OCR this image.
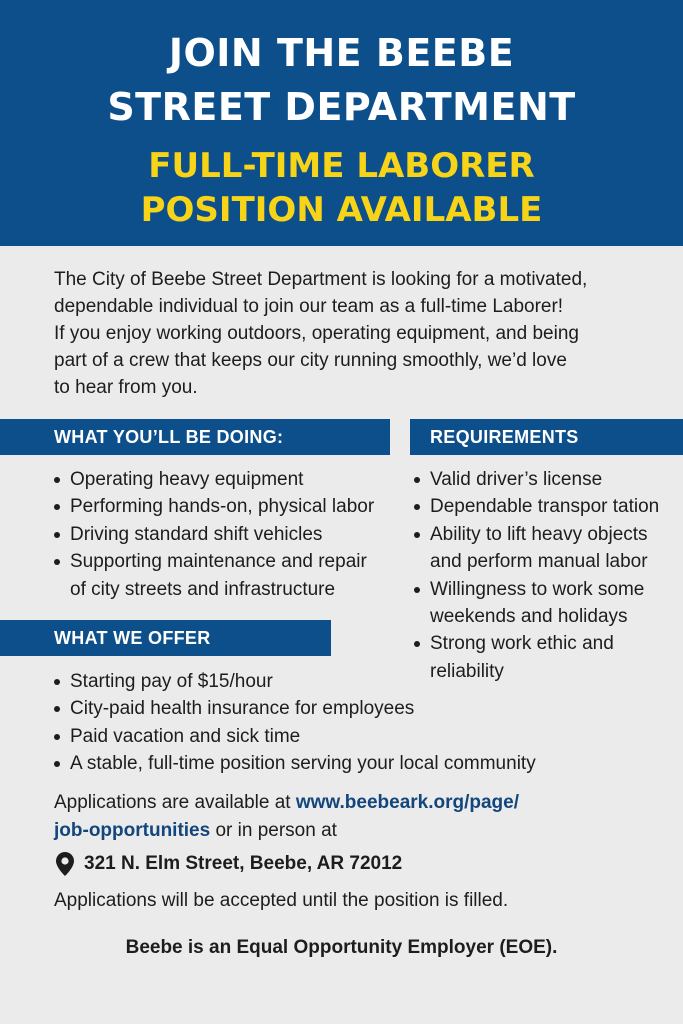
JOIN THE BEEBE
STREET DEPARTMENT
FULL-TIME LABORER
POSITION AVAILABLE
The City of Beebe Street Department is looking for a motivated,
dependable individual to join our team as a full-time Laborer!
If you enjoy working outdoors, operating equipment, and being
part of a crew that keeps our city running smoothly, we’d love
to hear from you.
WHAT YOU’LL BE DOING:	REQUIREMENTS
Operating heavy equipment
Performing hands-on, physical labor
Driving standard shift vehicles
Supporting maintenance and repair
of city streets and infrastructure
Valid driver’s license
Dependable transpor tation
Ability to lift heavy objects
and perform manual labor
Willingness to work some
weekends and holidays
Strong work ethic and
reliability
WHAT WE OFFER
Starting pay of $15/hour
City-paid health insurance for employees
Paid vacation and sick time
A stable, full-time position serving your local community
Applications are available at www.beebeark.org/page/
job-opportunities or in person at
321 N. Elm Street, Beebe, AR 72012
Applications will be accepted until the position is filled.
Beebe is an Equal Opportunity Employer (EOE).
